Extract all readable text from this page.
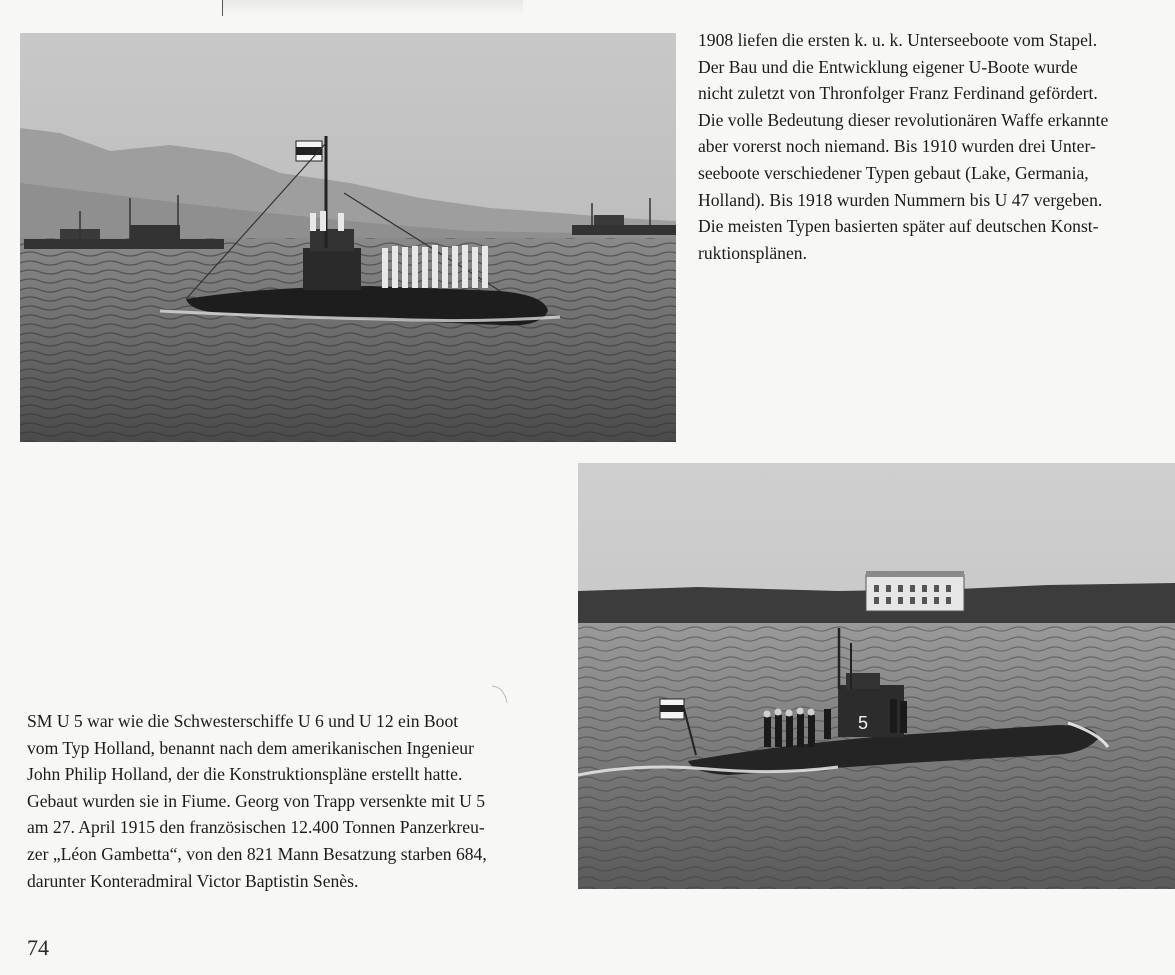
1908 liefen die ersten k. u. k. Unterseeboote vom Stapel.
Der Bau und die Entwicklung eigener U-Boote wurde
nicht zuletzt von Thronfolger Franz Ferdinand gefördert.
Die volle Bedeutung dieser revolutionären Waffe erkannte
aber vorerst noch niemand. Bis 1910 wurden drei Unter-
seeboote verschiedener Typen gebaut (Lake, Germania,
Holland). Bis 1918 wurden Nummern bis U 47 vergeben.
Die meisten Typen basierten später auf deutschen Konst-
ruktionsplänen.

5

SM U 5 war wie die Schwesterschiffe U 6 und U 12 ein Boot
vom Typ Holland, benannt nach dem amerikanischen Ingenieur
John Philip Holland, der die Konstruktionspläne erstellt hatte.
Gebaut wurden sie in Fiume. Georg von Trapp versenkte mit U 5
am 27. April 1915 den französischen 12.400 Tonnen Panzerkreu-
zer „Léon Gambetta“, von den 821 Mann Besatzung starben 684,
darunter Konteradmiral Victor Baptistin Senès.

74
